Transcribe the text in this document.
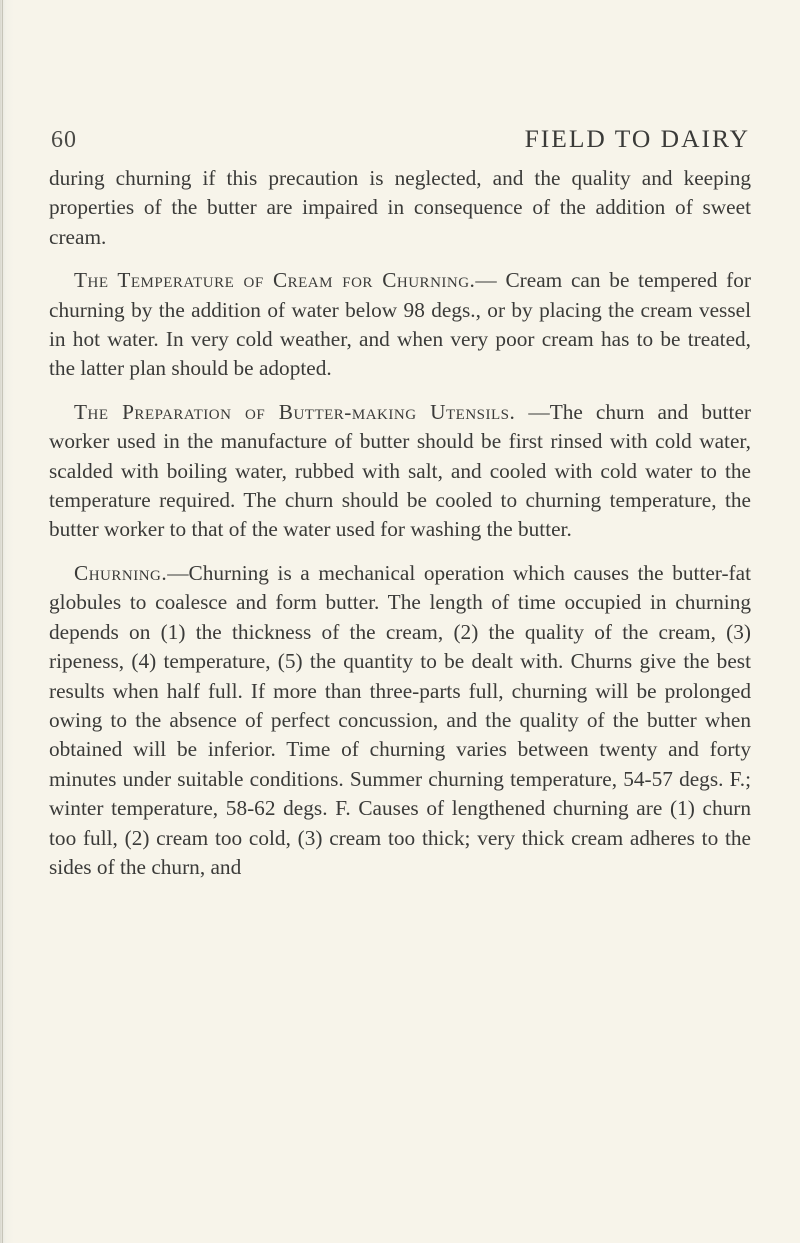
60	FIELD TO DAIRY

during churning if this precaution is neglected, and the quality and keeping properties of the butter are impaired in consequence of the addition of sweet cream.

The Temperature of Cream for Churning.— Cream can be tempered for churning by the addition of water below 98 degs., or by placing the cream vessel in hot water. In very cold weather, and when very poor cream has to be treated, the latter plan should be adopted.

The Preparation of Butter-making Utensils. —The churn and butter worker used in the manufacture of butter should be first rinsed with cold water, scalded with boiling water, rubbed with salt, and cooled with cold water to the temperature required. The churn should be cooled to churning temperature, the butter worker to that of the water used for washing the butter.

Churning.—Churning is a mechanical operation which causes the butter-fat globules to coalesce and form butter. The length of time occupied in churning depends on (1) the thickness of the cream, (2) the quality of the cream, (3) ripeness, (4) temperature, (5) the quantity to be dealt with. Churns give the best results when half full. If more than three-parts full, churning will be prolonged owing to the absence of perfect concussion, and the quality of the butter when obtained will be inferior. Time of churning varies between twenty and forty minutes under suitable conditions. Summer churning temperature, 54-57 degs. F.; winter temperature, 58-62 degs. F. Causes of lengthened churning are (1) churn too full, (2) cream too cold, (3) cream too thick; very thick cream adheres to the sides of the churn, and
